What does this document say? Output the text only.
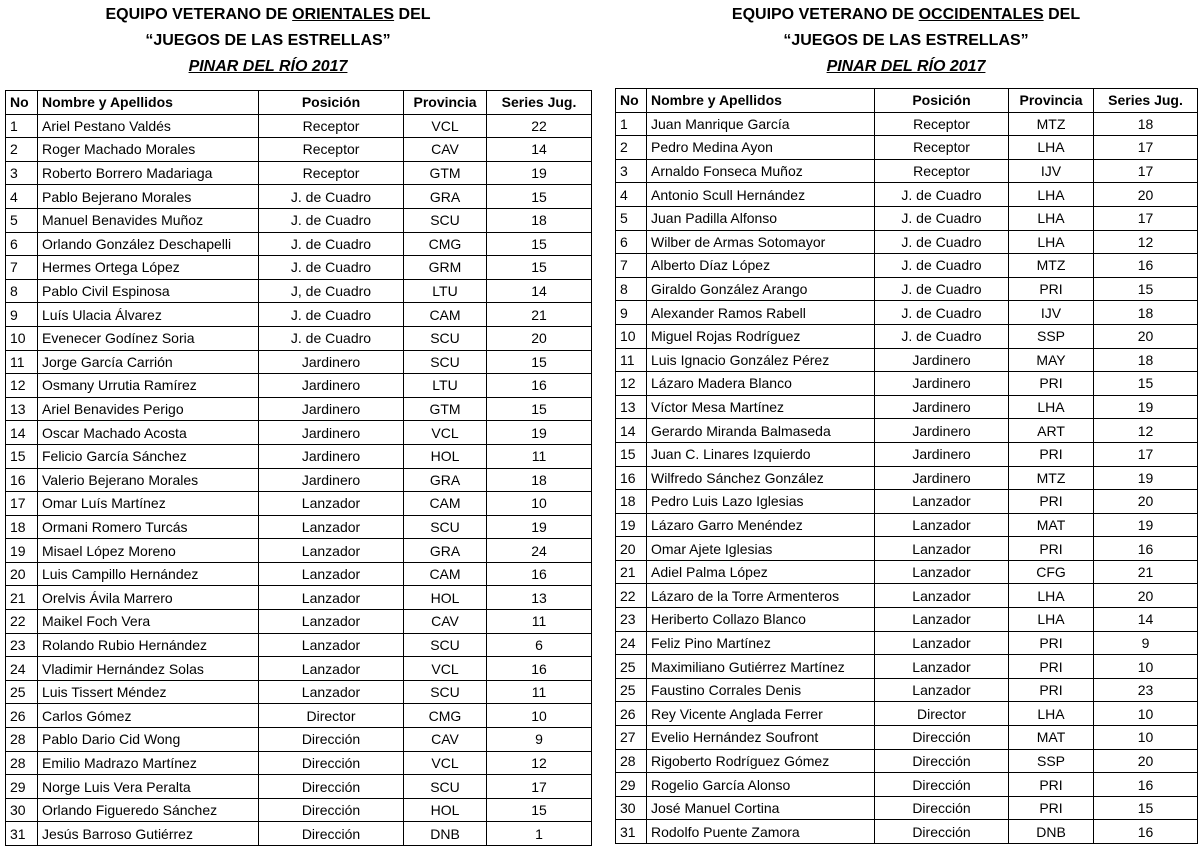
EQUIPO VETERANO DE ORIENTALES DEL
“JUEGOS DE LAS ESTRELLAS”
PINAR DEL RÍO 2017
No	Nombre y Apellidos	Posición	Provincia	Series Jug.
1	Ariel Pestano Valdés	Receptor	VCL	22
2	Roger Machado Morales	Receptor	CAV	14
3	Roberto Borrero Madariaga	Receptor	GTM	19
4	Pablo Bejerano Morales	J. de Cuadro	GRA	15
5	Manuel Benavides Muñoz	J. de Cuadro	SCU	18
6	Orlando González Deschapelli	J. de Cuadro	CMG	15
7	Hermes Ortega López	J. de Cuadro	GRM	15
8	Pablo Civil Espinosa	J, de Cuadro	LTU	14
9	Luís Ulacia Álvarez	J. de Cuadro	CAM	21
10	Evenecer Godínez Soria	J. de Cuadro	SCU	20
11	Jorge García Carrión	Jardinero	SCU	15
12	Osmany Urrutia Ramírez	Jardinero	LTU	16
13	Ariel Benavides Perigo	Jardinero	GTM	15
14	Oscar Machado Acosta	Jardinero	VCL	19
15	Felicio García Sánchez	Jardinero	HOL	11
16	Valerio Bejerano Morales	Jardinero	GRA	18
17	Omar Luís Martínez	Lanzador	CAM	10
18	Ormani Romero Turcás	Lanzador	SCU	19
19	Misael López Moreno	Lanzador	GRA	24
20	Luis Campillo Hernández	Lanzador	CAM	16
21	Orelvis Ávila Marrero	Lanzador	HOL	13
22	Maikel Foch Vera	Lanzador	CAV	11
23	Rolando Rubio Hernández	Lanzador	SCU	6
24	Vladimir Hernández Solas	Lanzador	VCL	16
25	Luis Tissert Méndez	Lanzador	SCU	11
26	Carlos Gómez	Director	CMG	10
28	Pablo Dario Cid Wong	Dirección	CAV	9
28	Emilio Madrazo Martínez	Dirección	VCL	12
29	Norge Luis Vera Peralta	Dirección	SCU	17
30	Orlando Figueredo Sánchez	Dirección	HOL	15
31	Jesús Barroso Gutiérrez	Dirección	DNB	1
EQUIPO VETERANO DE OCCIDENTALES DEL
“JUEGOS DE LAS ESTRELLAS”
PINAR DEL RÍO 2017
No	Nombre y Apellidos	Posición	Provincia	Series Jug.
1	Juan Manrique García	Receptor	MTZ	18
2	Pedro Medina Ayon	Receptor	LHA	17
3	Arnaldo Fonseca Muñoz	Receptor	IJV	17
4	Antonio Scull Hernández	J. de Cuadro	LHA	20
5	Juan Padilla Alfonso	J. de Cuadro	LHA	17
6	Wilber de Armas Sotomayor	J. de Cuadro	LHA	12
7	Alberto Díaz López	J. de Cuadro	MTZ	16
8	Giraldo González Arango	J. de Cuadro	PRI	15
9	Alexander Ramos Rabell	J. de Cuadro	IJV	18
10	Miguel Rojas Rodríguez	J. de Cuadro	SSP	20
11	Luis Ignacio González Pérez	Jardinero	MAY	18
12	Lázaro Madera Blanco	Jardinero	PRI	15
13	Víctor Mesa Martínez	Jardinero	LHA	19
14	Gerardo Miranda Balmaseda	Jardinero	ART	12
15	Juan C. Linares Izquierdo	Jardinero	PRI	17
16	Wilfredo Sánchez González	Jardinero	MTZ	19
18	Pedro Luis Lazo Iglesias	Lanzador	PRI	20
19	Lázaro Garro Menéndez	Lanzador	MAT	19
20	Omar Ajete Iglesias	Lanzador	PRI	16
21	Adiel Palma López	Lanzador	CFG	21
22	Lázaro de la Torre Armenteros	Lanzador	LHA	20
23	Heriberto Collazo Blanco	Lanzador	LHA	14
24	Feliz Pino Martínez	Lanzador	PRI	9
25	Maximiliano Gutiérrez Martínez	Lanzador	PRI	10
25	Faustino Corrales Denis	Lanzador	PRI	23
26	Rey Vicente Anglada Ferrer	Director	LHA	10
27	Evelio Hernández Soufront	Dirección	MAT	10
28	Rigoberto Rodríguez Gómez	Dirección	SSP	20
29	Rogelio García Alonso	Dirección	PRI	16
30	José Manuel Cortina	Dirección	PRI	15
31	Rodolfo Puente Zamora	Dirección	DNB	16
